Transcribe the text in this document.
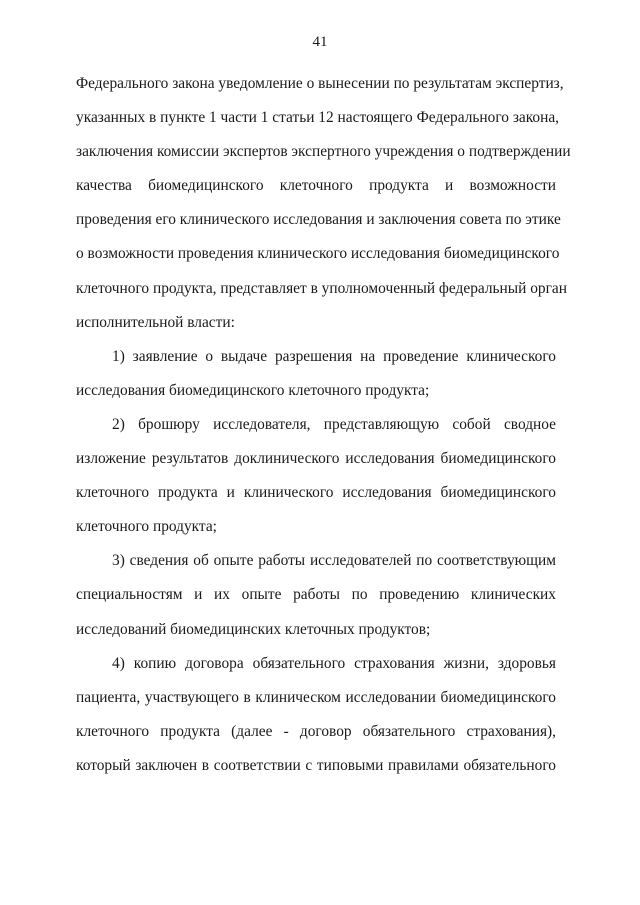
41
Федерального закона уведомление о вынесении по результатам экспертиз,
указанных в пункте 1 части 1 статьи 12 настоящего Федерального закона,
заключения комиссии экспертов экспертного учреждения о подтверждении
качества биомедицинского клеточного продукта и возможности
проведения его клинического исследования и заключения совета по этике
о возможности проведения клинического исследования биомедицинского
клеточного продукта, представляет в уполномоченный федеральный орган
исполнительной власти:
1) заявление о выдаче разрешения на проведение клинического
исследования биомедицинского клеточного продукта;
2) брошюру исследователя, представляющую собой сводное
изложение результатов доклинического исследования биомедицинского
клеточного продукта и клинического исследования биомедицинского
клеточного продукта;
3) сведения об опыте работы исследователей по соответствующим
специальностям и их опыте работы по проведению клинических
исследований биомедицинских клеточных продуктов;
4) копию договора обязательного страхования жизни, здоровья
пациента, участвующего в клиническом исследовании биомедицинского
клеточного продукта (далее - договор обязательного страхования),
который заключен в соответствии с типовыми правилами обязательного
